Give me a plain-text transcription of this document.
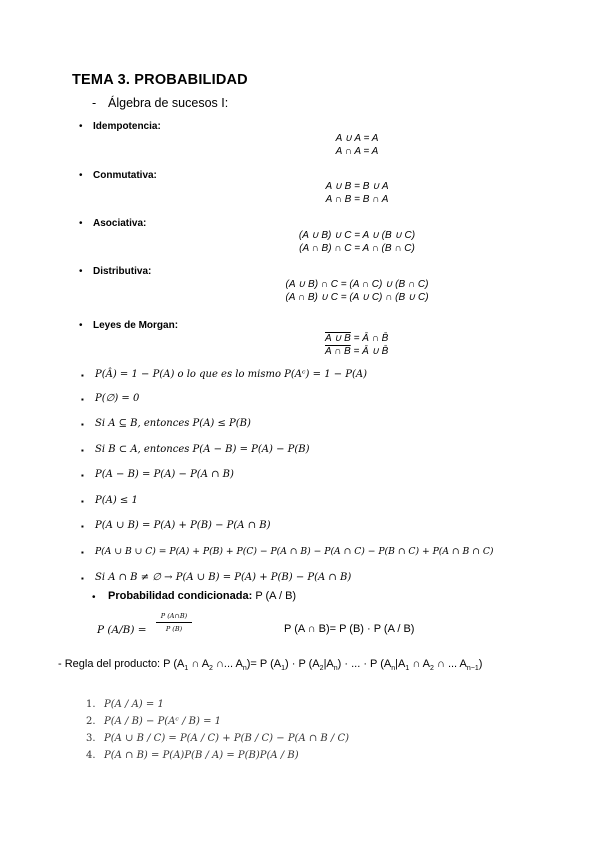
TEMA 3. PROBABILIDAD
- Álgebra de sucesos I:
• Idempotencia:
A ∪ A = A
A ∩ A = A
• Conmutativa:
A ∪ B = B ∪ A
A ∩ B = B ∩ A
• Asociativa:
(A ∪ B) ∪ C = A ∪ (B ∪ C)
(A ∩ B) ∩ C = A ∩ (B ∩ C)
• Distributiva:
(A ∪ B) ∩ C = (A ∩ C) ∪ (B ∩ C)
(A ∩ B) ∪ C = (A ∪ C) ∩ (B ∪ C)
• Leyes de Morgan:
A ∪ B = Ā ∩ B̄
A ∩ B = Ā ∪ B̄
▪ P(Â) = 1 − P(A) o lo que es lo mismo P(Aᶜ) = 1 − P(A)
▪ P(∅) = 0
▪ Si A ⊆ B, entonces P(A) ≤ P(B)
▪ Si B ⊂ A, entonces P(A − B) = P(A) − P(B)
▪ P(A − B) = P(A) − P(A ∩ B)
▪ P(A) ≤ 1
▪ P(A ∪ B) = P(A) + P(B) − P(A ∩ B)
▪ P(A ∪ B ∪ C) = P(A) + P(B) + P(C) − P(A ∩ B) − P(A ∩ C) − P(B ∩ C) + P(A ∩ B ∩ C)
▪ Si A ∩ B ≠ ∅ → P(A ∪ B) = P(A) + P(B) − P(A ∩ B)
• Probabilidad condicionada: P (A / B)
P (A/B) =
P (A∩B)
P (B)	P (A ∩ B)= P (B) · P (A / B)
- Regla del producto: P ($A_1$ ∩ $A_2$ ∩... $A_n)= P$ $(A_1) \cdot P$ $(A_2|A_n)$ · ... · P ($A_n|A_1$ ∩ $A_2$ ∩ ... $A_{n-1}$)
1. P(A / A) = 1
2. P(A / B) − P(Aᶜ / B) = 1
3. P(A ∪ B / C) = P(A / C) + P(B / C) − P(A ∩ B / C)
4. P(A ∩ B) = P(A)P(B / A) = P(B)P(A / B)
